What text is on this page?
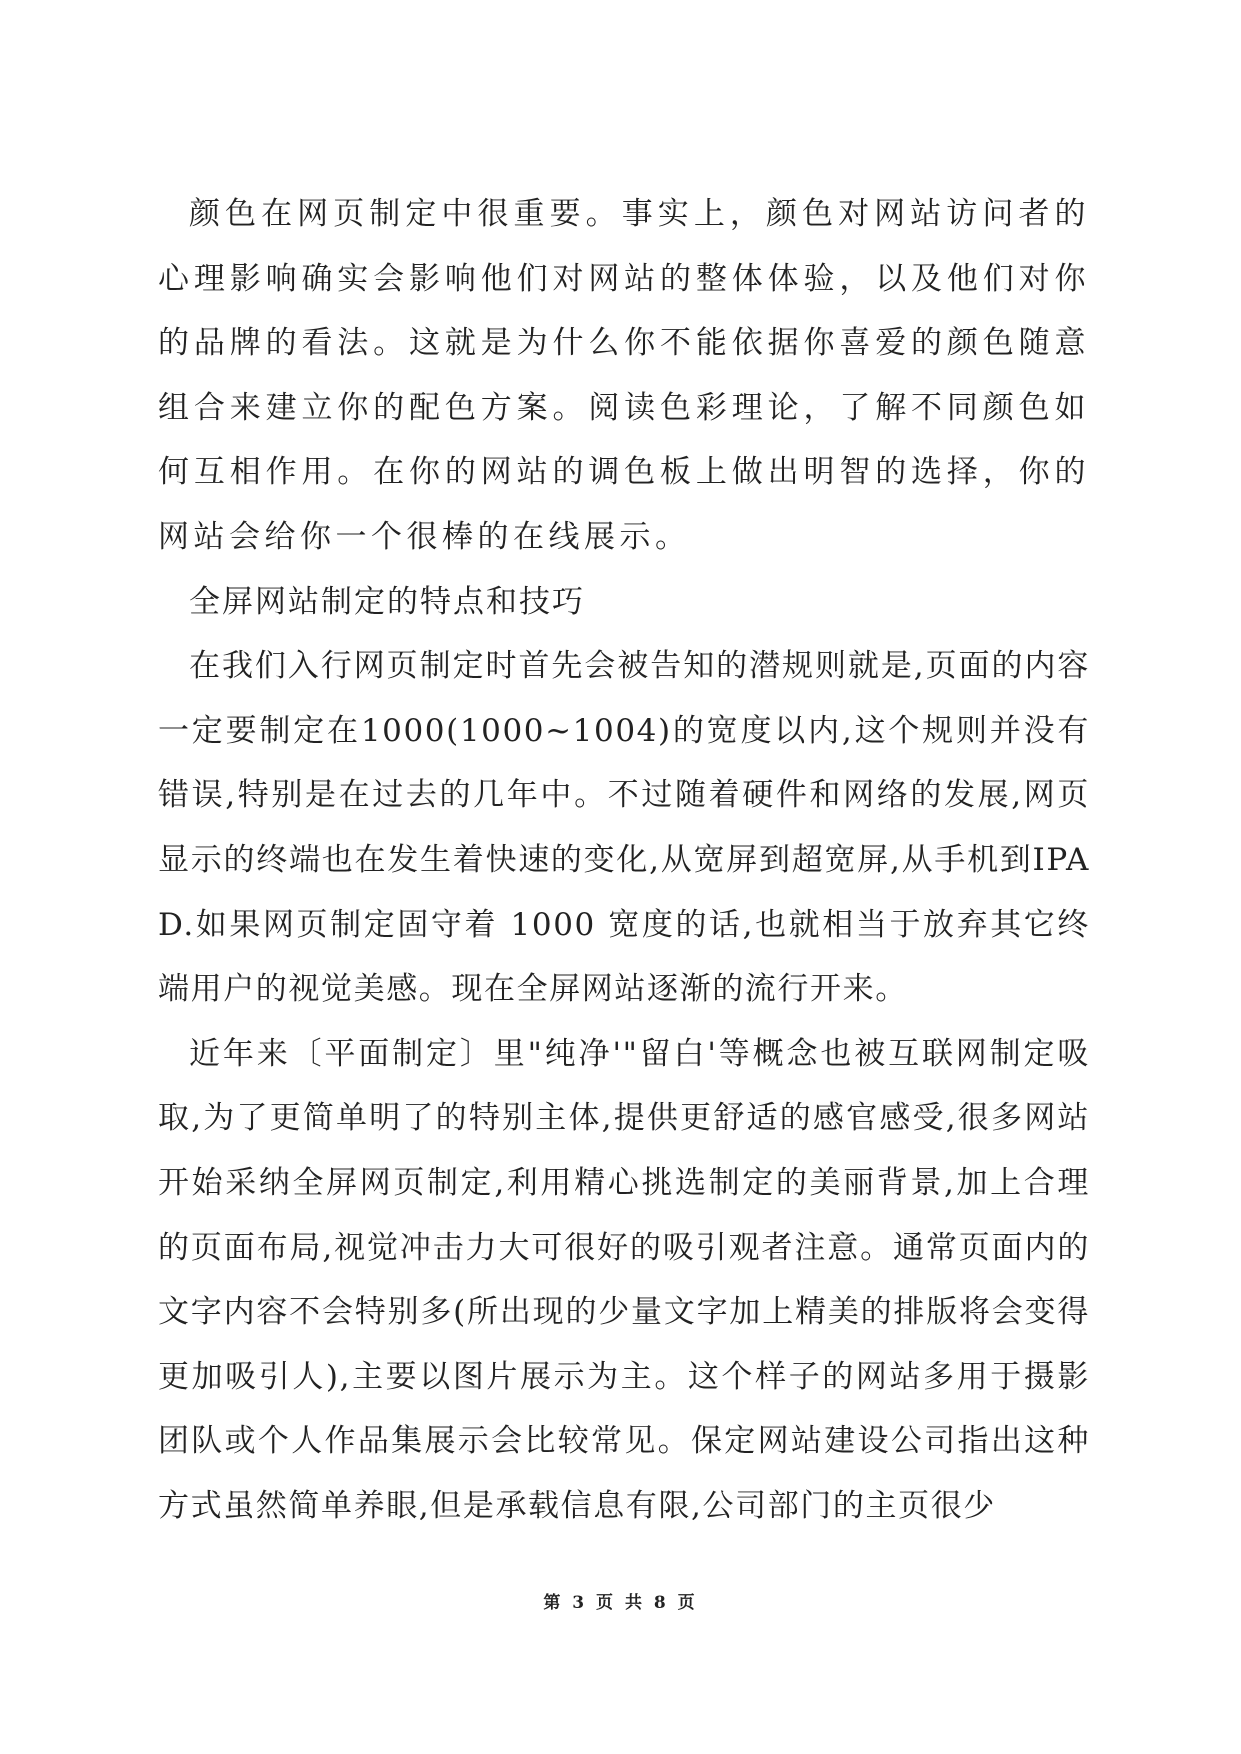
颜色在网页制定中很重要。事实上，颜色对网站访问者的心理影响确实会影响他们对网站的整体体验，以及他们对你的品牌的看法。这就是为什么你不能依据你喜爱的颜色随意组合来建立你的配色方案。阅读色彩理论，了解不同颜色如何互相作用。在你的网站的调色板上做出明智的选择，你的网站会给你一个很棒的在线展示。

全屏网站制定的特点和技巧

在我们入行网页制定时首先会被告知的潜规则就是,页面的内容一定要制定在1000(1000~1004)的宽度以内,这个规则并没有错误,特别是在过去的几年中。不过随着硬件和网络的发展,网页显示的终端也在发生着快速的变化,从宽屏到超宽屏,从手机到IPAD.如果网页制定固守着 1000 宽度的话,也就相当于放弃其它终端用户的视觉美感。现在全屏网站逐渐的流行开来。

近年来〔平面制定〕里"纯净'"留白'等概念也被互联网制定吸取,为了更简单明了的特别主体,提供更舒适的感官感受,很多网站开始采纳全屏网页制定,利用精心挑选制定的美丽背景,加上合理的页面布局,视觉冲击力大可很好的吸引观者注意。通常页面内的文字内容不会特别多(所出现的少量文字加上精美的排版将会变得更加吸引人),主要以图片展示为主。这个样子的网站多用于摄影团队或个人作品集展示会比较常见。保定网站建设公司指出这种方式虽然简单养眼,但是承载信息有限,公司部门的主页很少

第 3 页 共 8 页
